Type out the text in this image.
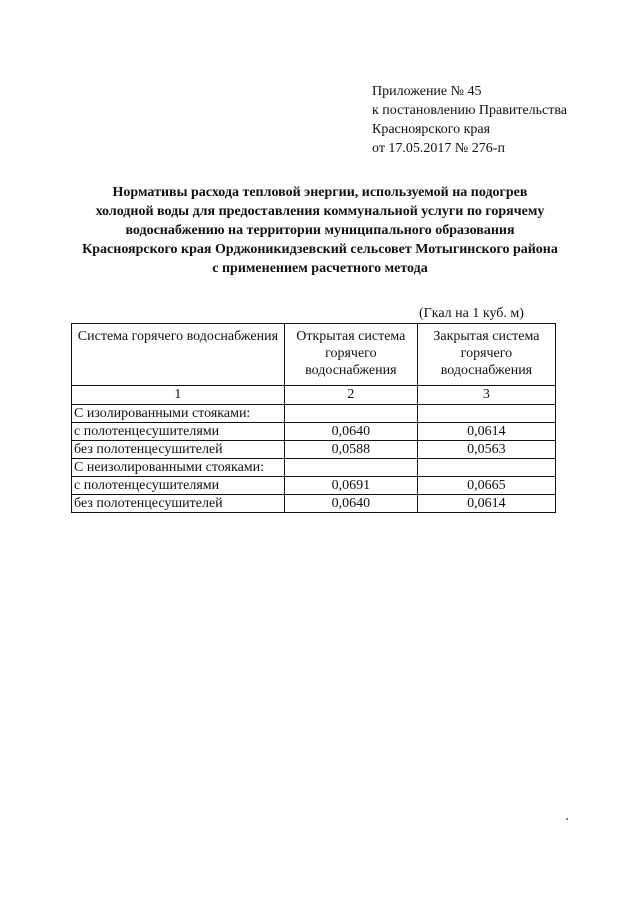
Приложение № 45
к постановлению Правительства
Красноярского края
от 17.05.2017 № 276-п
Нормативы расхода тепловой энергии, используемой на подогрев
холодной воды для предоставления коммунальной услуги по горячему
водоснабжению на территории муниципального образования
Красноярского края Орджоникидзевский сельсовет Мотыгинского района
с применением расчетного метода
(Гкал на 1 куб. м)
Система горячего водоснабжения	Открытая система горячего водоснабжения	Закрытая система горячего водоснабжения
1	2	3
С изолированными стояками:		
с полотенцесушителями	0,0640	0,0614
без полотенцесушителей	0,0588	0,0563
С неизолированными стояками:		
с полотенцесушителями	0,0691	0,0665
без полотенцесушителей	0,0640	0,0614
